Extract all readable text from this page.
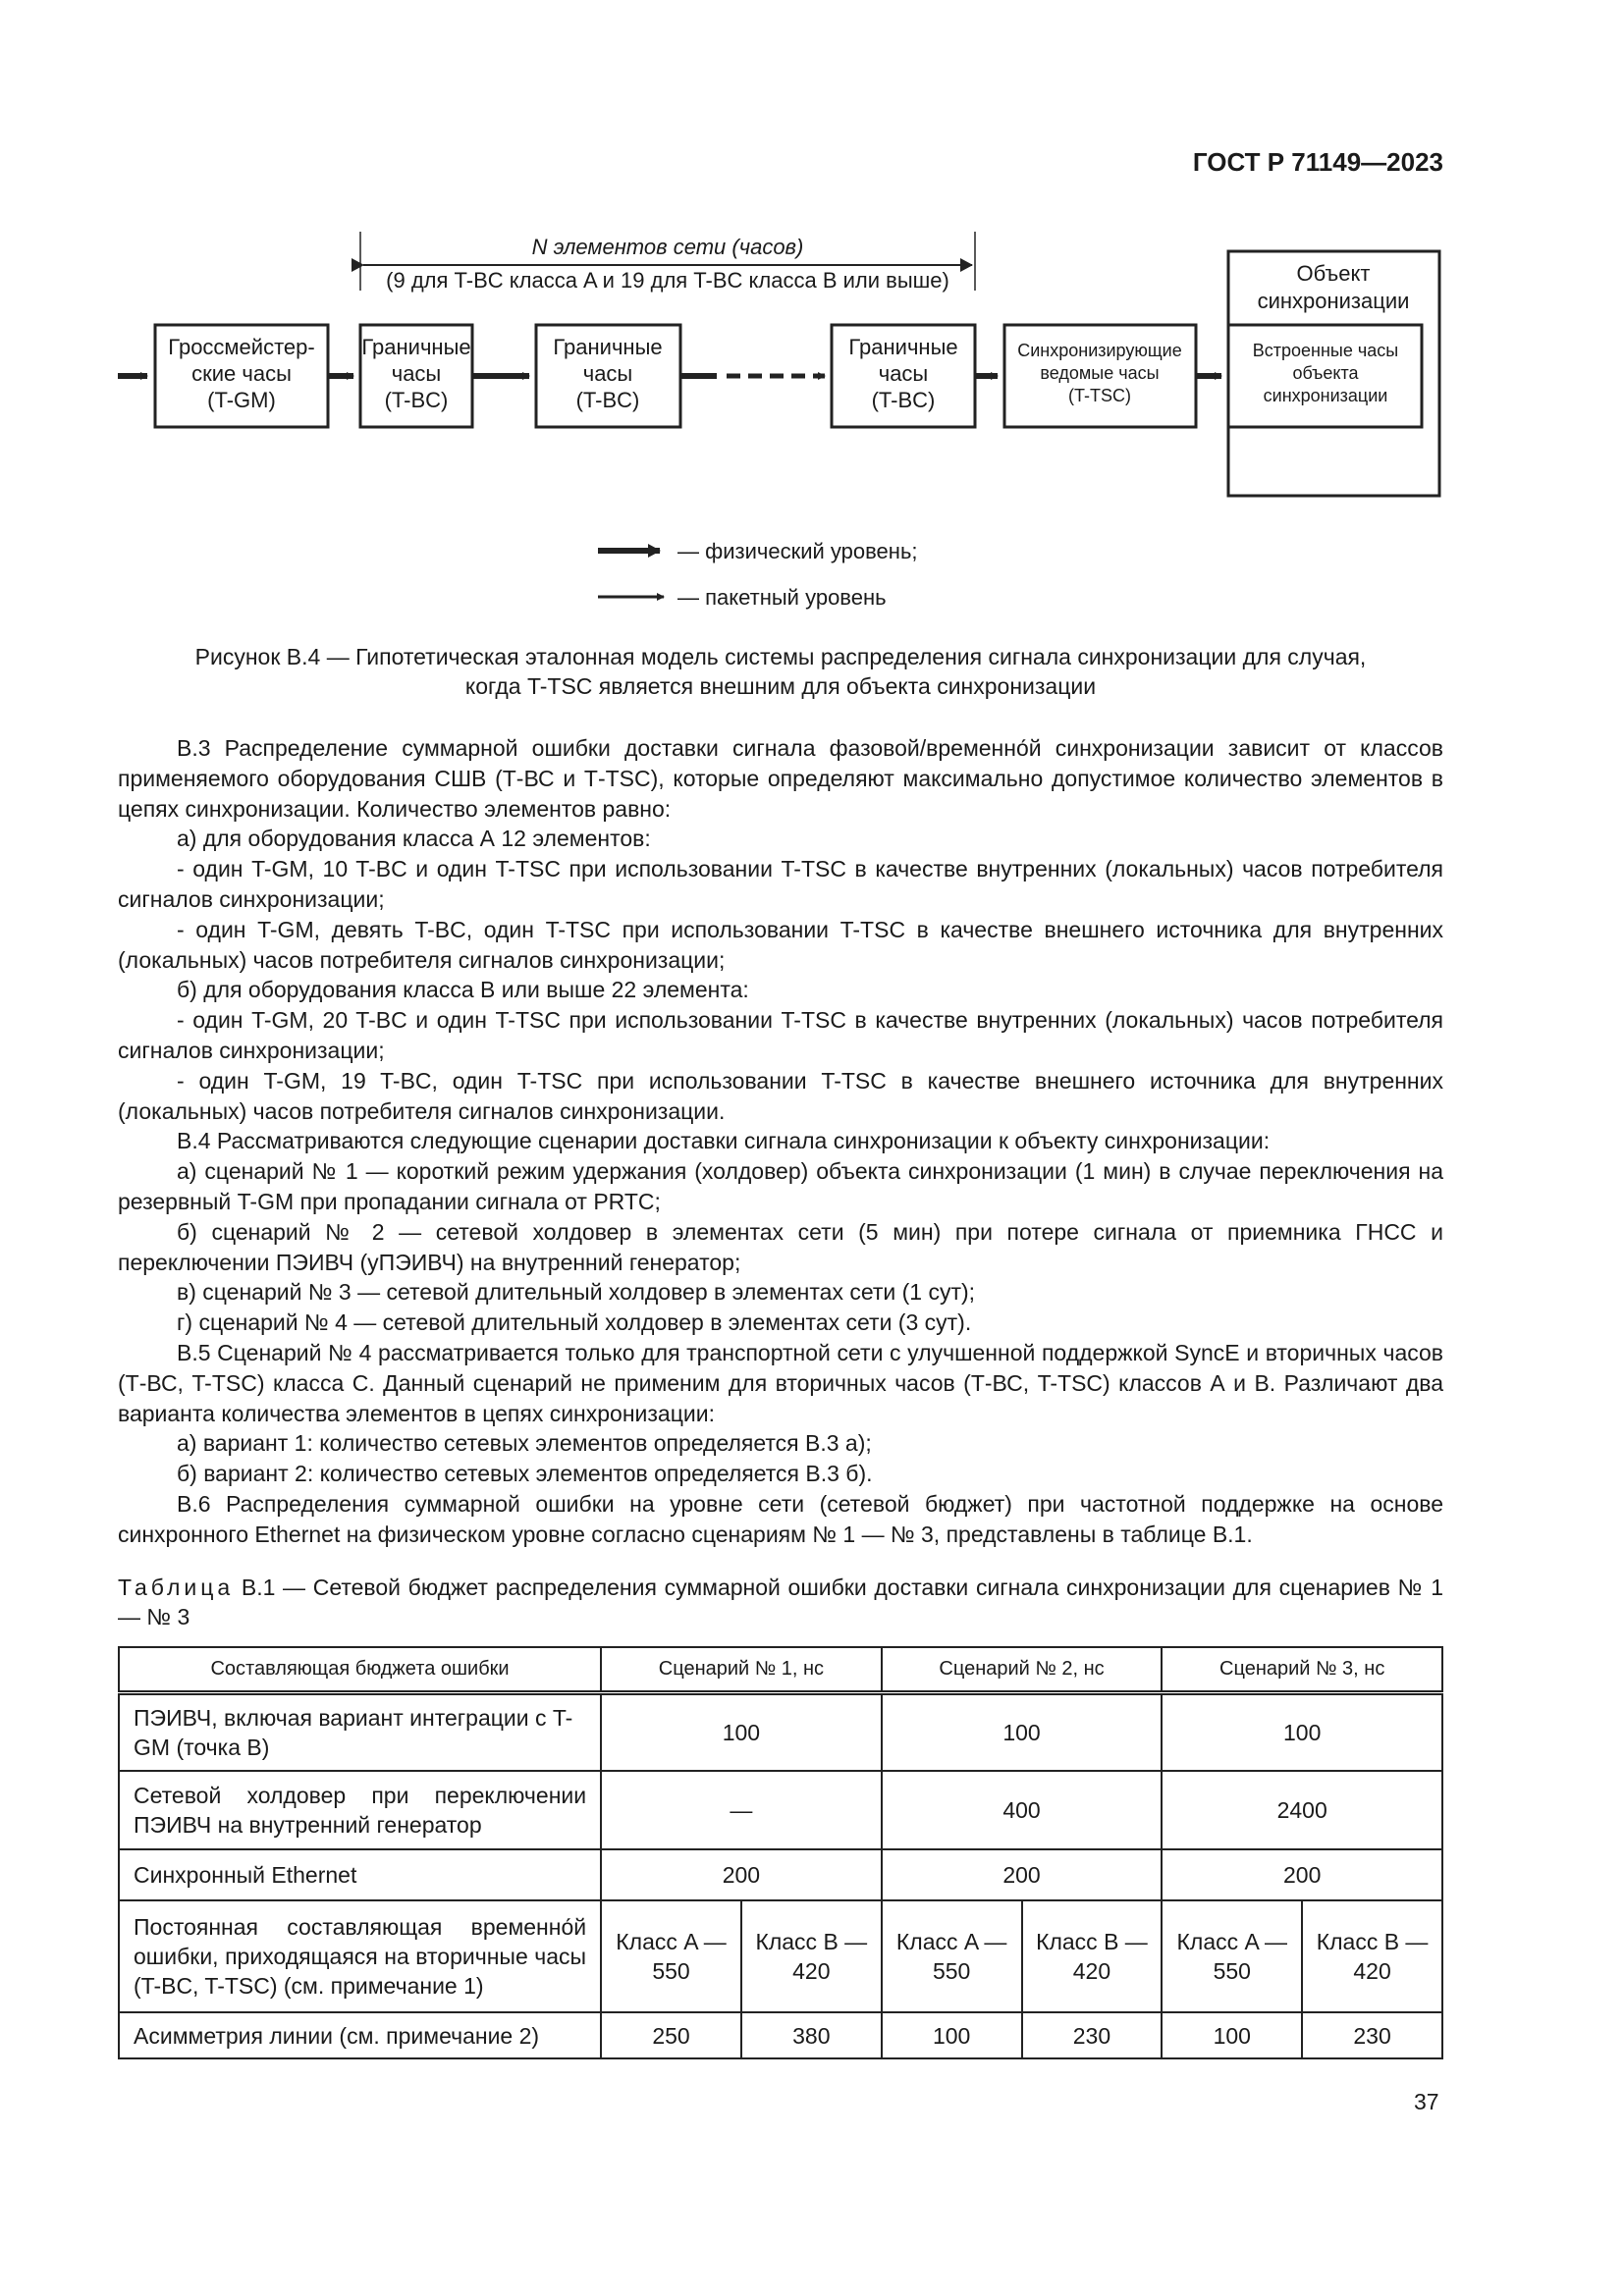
ГОСТ Р 71149—2023
N элементов сети (часов)
(9 для T-BC класса A и 19 для T-BC класса B или выше)
Гроссмейстер-
ские часы
(T-GM)
Граничные
часы
(T-BC)
Граничные
часы
(T-BC)
Граничные
часы
(T-BC)
Объект
синхронизации
Синхронизирующие
ведомые часы
(T-TSC)
Встроенные часы
объекта
синхронизации
— физический уровень;
— пакетный уровень
Рисунок В.4 — Гипотетическая эталонная модель системы распределения сигнала синхронизации для случая,
когда T-TSC является внешним для объекта синхронизации

В.3 Распределение суммарной ошибки доставки сигнала фазовой/временно́й синхронизации зависит от классов применяемого оборудования СШВ (Т-ВС и Т-TSC), которые определяют максимально допустимое количество элементов в цепях синхронизации. Количество элементов равно:

а) для оборудования класса А 12 элементов:

- один T-GM, 10 T-BC и один T-TSC при использовании T-TSC в качестве внутренних (локальных) часов потребителя сигналов синхронизации;

- один T-GM, девять T-BC, один T-TSC при использовании T-TSC в качестве внешнего источника для внутренних (локальных) часов потребителя сигналов синхронизации;

б) для оборудования класса В или выше 22 элемента:

- один T-GM, 20 T-BC и один T-TSC при использовании T-TSC в качестве внутренних (локальных) часов потребителя сигналов синхронизации;

- один T-GM, 19 T-BC, один T-TSC при использовании T-TSC в качестве внешнего источника для внутренних (локальных) часов потребителя сигналов синхронизации.

В.4 Рассматриваются следующие сценарии доставки сигнала синхронизации к объекту синхронизации:

а) сценарий № 1 — короткий режим удержания (холдовер) объекта синхронизации (1 мин) в случае переключения на резервный T-GM при пропадании сигнала от PRTC;

б) сценарий № 2 — сетевой холдовер в элементах сети (5 мин) при потере сигнала от приемника ГНСС и переключении ПЭИВЧ (уПЭИВЧ) на внутренний генератор;

в) сценарий № 3 — сетевой длительный холдовер в элементах сети (1 сут);

г) сценарий № 4 — сетевой длительный холдовер в элементах сети (3 сут).

В.5 Сценарий № 4 рассматривается только для транспортной сети с улучшенной поддержкой SyncE и вторичных часов (Т-ВС, T-TSC) класса С. Данный сценарий не применим для вторичных часов (Т-ВС, T-TSC) классов А и В. Различают два варианта количества элементов в цепях синхронизации:

а) вариант 1: количество сетевых элементов определяется В.3 а);

б) вариант 2: количество сетевых элементов определяется В.3 б).

В.6 Распределения суммарной ошибки на уровне сети (сетевой бюджет) при частотной поддержке на основе синхронного Ethernet на физическом уровне согласно сценариям № 1 — № 3, представлены в таблице В.1.

Таблица В.1 — Сетевой бюджет распределения суммарной ошибки доставки сигнала синхронизации для сценариев № 1 — № 3
Составляющая бюджета ошибки	Сценарий № 1, нс		Сценарий № 2, нс		Сценарий № 3, нс	
ПЭИВЧ, включая вариант интеграции с T-GM (точка B)	100		100		100	
Сетевой холдовер при переключении ПЭИВЧ на внутренний генератор	—		400		2400	
Синхронный Ethernet	200		200		200	
Постоянная составляющая временно́й ошибки, приходящаяся на вторичные часы (T-BC, T-TSC) (см. примечание 1)	Класс A — 550	Класс B — 420	Класс A — 550	Класс B — 420	Класс A — 550	Класс B — 420
Асимметрия линии (см. примечание 2)	250	380	100	230	100	230
37
